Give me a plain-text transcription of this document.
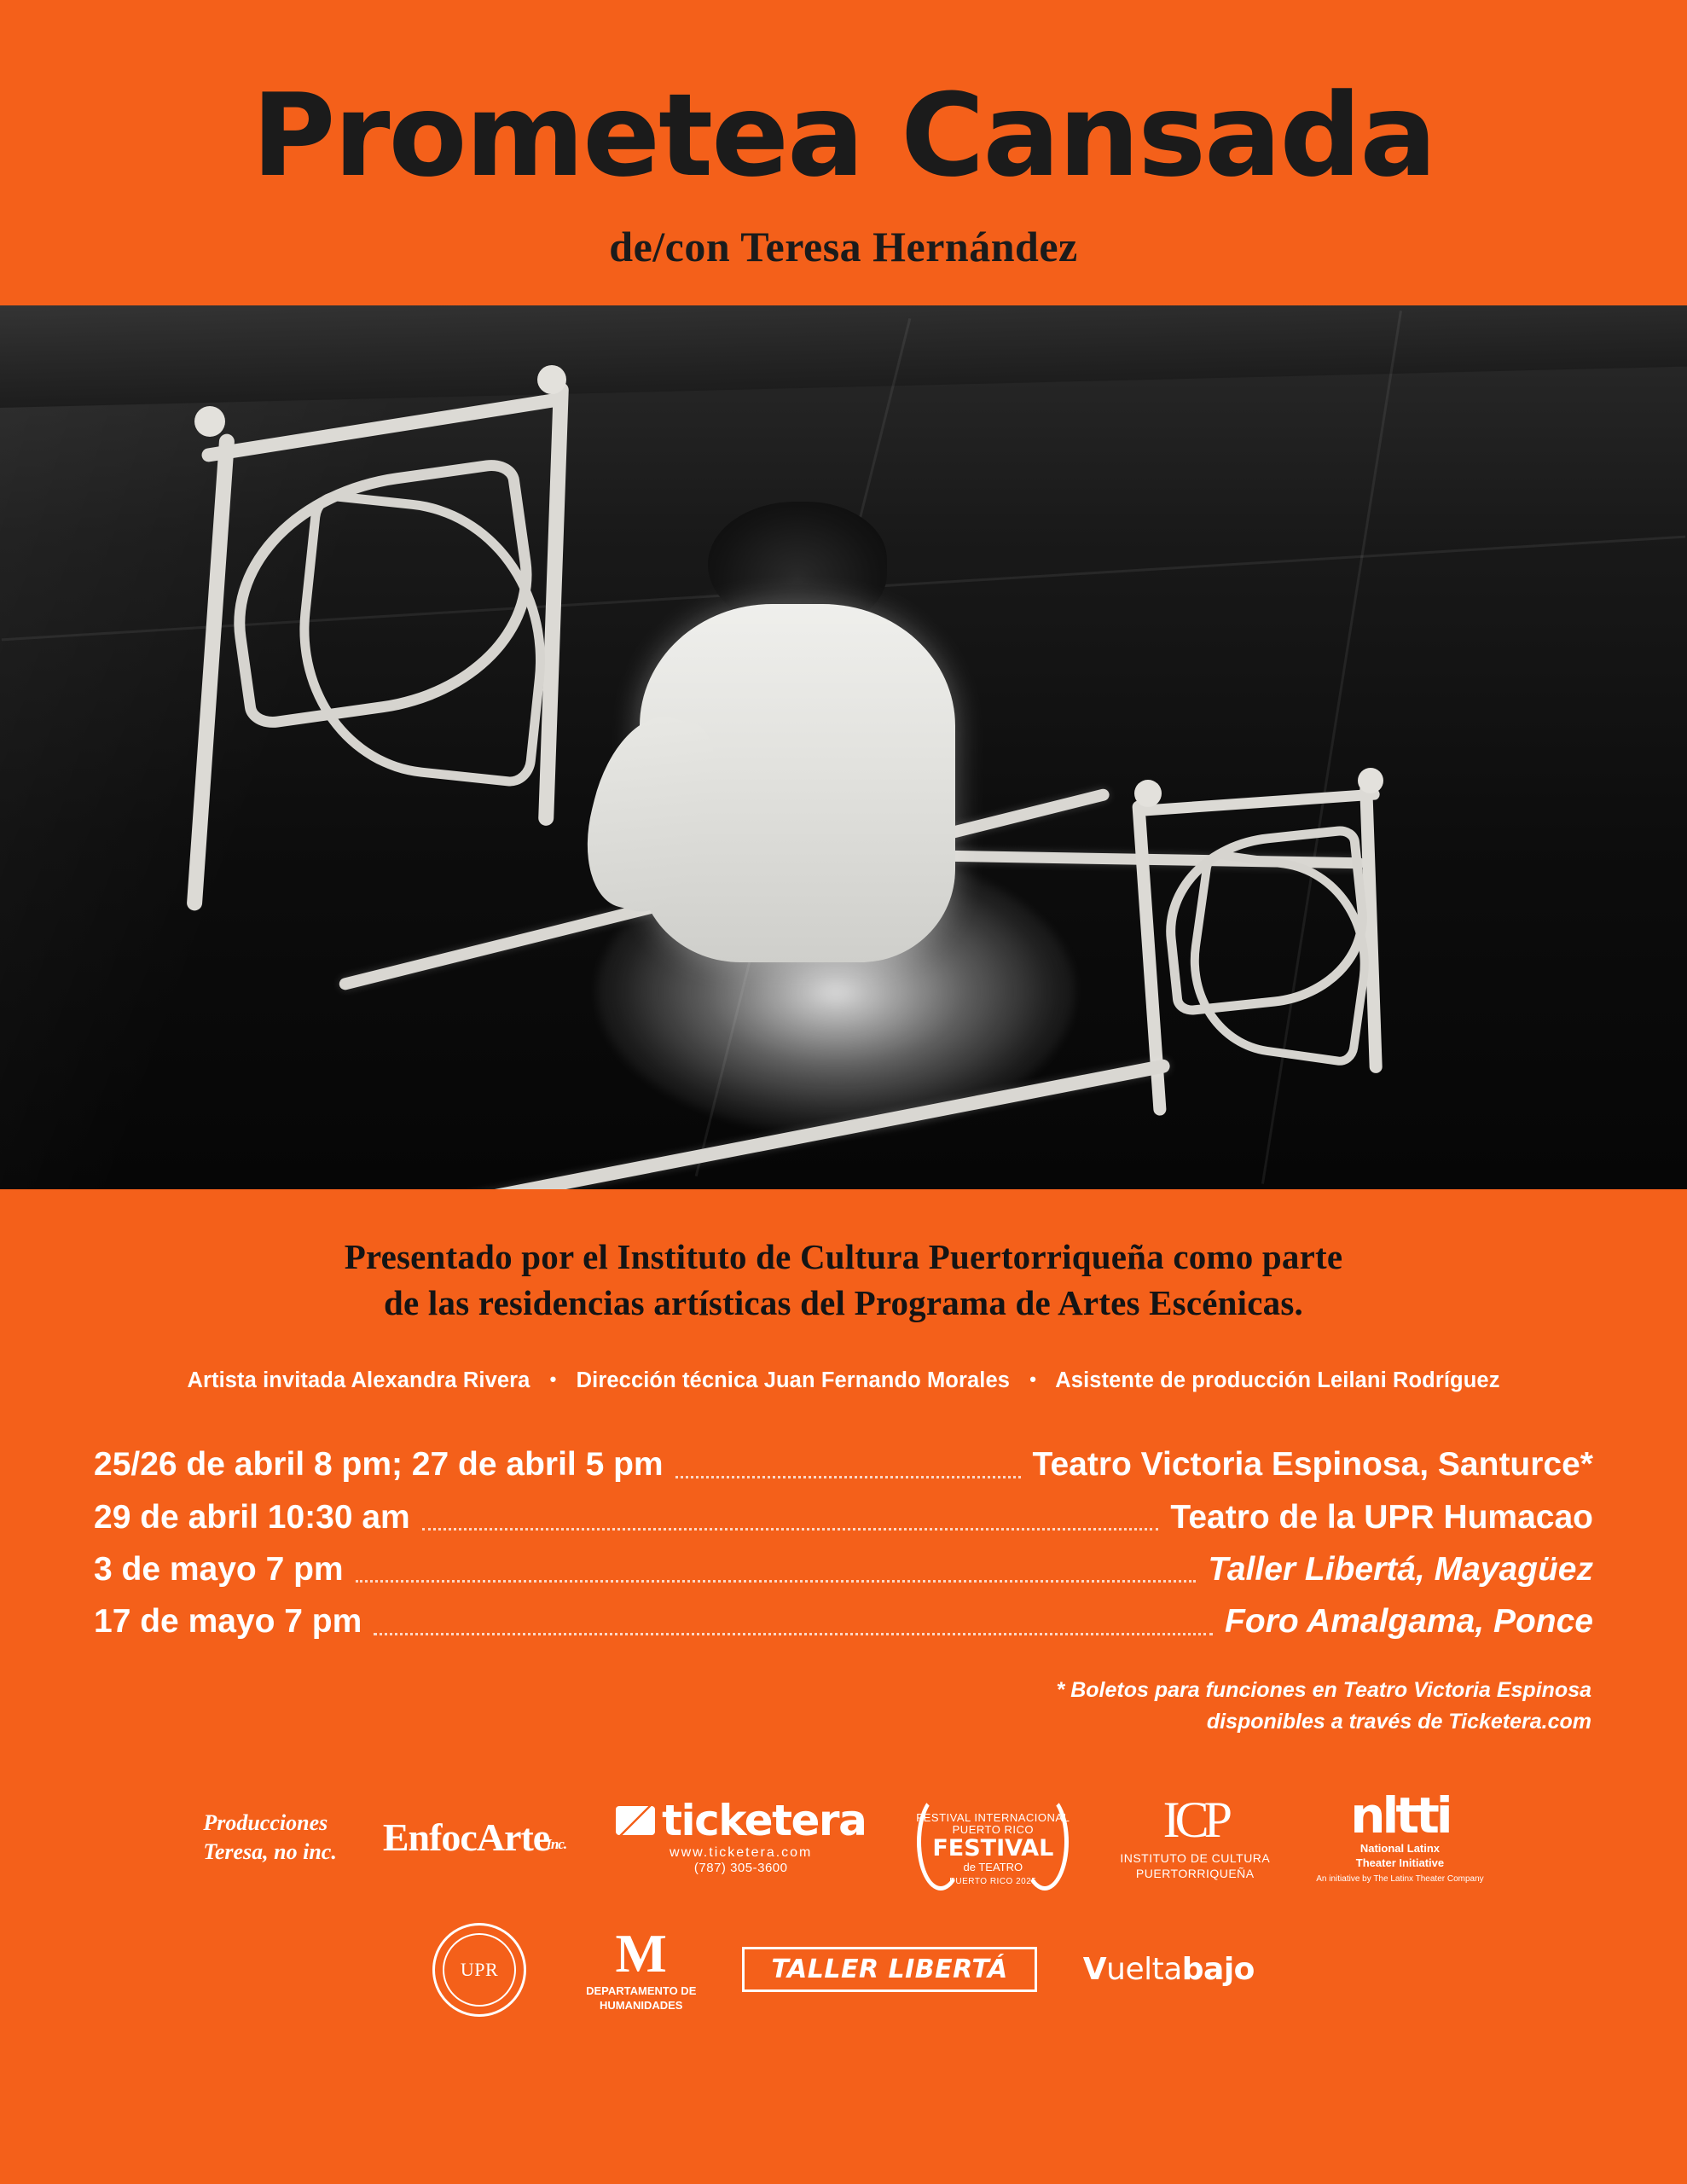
Prometea Cansada
de/con Teresa Hernández
Presentado por el Instituto de Cultura Puertorriqueña como parte
de las residencias artísticas del Programa de Artes Escénicas.
Artista invitada Alexandra Rivera • Dirección técnica Juan Fernando Morales • Asistente de producción Leilani Rodríguez
25/26 de abril 8 pm; 27 de abril 5 pm	Teatro Victoria Espinosa, Santurce*
29 de abril 10:30 am	Teatro de la UPR Humacao
3 de mayo 7 pm	Taller Libertá, Mayagüez
17 de mayo 7 pm	Foro Amalgama, Ponce
* Boletos para funciones en Teatro Victoria Espinosa
disponibles a través de Ticketera.com
Producciones
Teresa, no inc. EnfocArteInc. ticketera
www.ticketera.com
(787) 305-3600
FESTIVAL INTERNACIONAL PUERTO RICO
FESTIVAL
de TEATRO
PUERTO RICO 2025
ICP
INSTITUTO DE CULTURA
PUERTORRIQUEÑA
nltti
National Latinx
Theater Initiative
An initiative by The Latinx Theater Company
UPR M
DEPARTAMENTO DE
HUMANIDADES
TALLER LIBERTÁ	Vueltabajo
